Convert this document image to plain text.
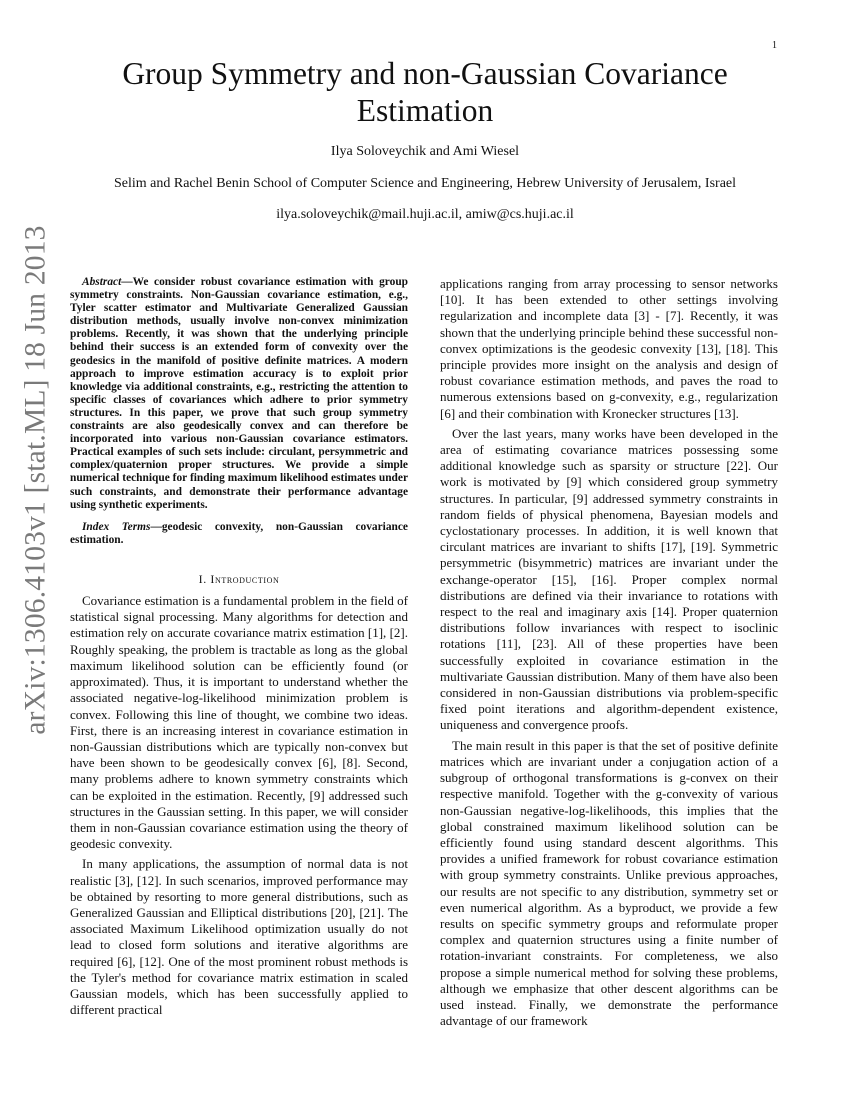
1
arXiv:1306.4103v1 [stat.ML] 18 Jun 2013
Group Symmetry and non-Gaussian Covariance Estimation
Ilya Soloveychik and Ami Wiesel
Selim and Rachel Benin School of Computer Science and Engineering, Hebrew University of Jerusalem, Israel
ilya.soloveychik@mail.huji.ac.il, amiw@cs.huji.ac.il

Abstract—We consider robust covariance estimation with group symmetry constraints. Non-Gaussian covariance estimation, e.g., Tyler scatter estimator and Multivariate Generalized Gaussian distribution methods, usually involve non-convex minimization problems. Recently, it was shown that the underlying principle behind their success is an extended form of convexity over the geodesics in the manifold of positive definite matrices. A modern approach to improve estimation accuracy is to exploit prior knowledge via additional constraints, e.g., restricting the attention to specific classes of covariances which adhere to prior symmetry structures. In this paper, we prove that such group symmetry constraints are also geodesically convex and can therefore be incorporated into various non-Gaussian covariance estimators. Practical examples of such sets include: circulant, persymmetric and complex/quaternion proper structures. We provide a simple numerical technique for finding maximum likelihood estimates under such constraints, and demonstrate their performance advantage using synthetic experiments.

Index Terms—geodesic convexity, non-Gaussian covariance estimation.

I. Introduction

Covariance estimation is a fundamental problem in the field of statistical signal processing. Many algorithms for detection and estimation rely on accurate covariance matrix estimation [1], [2]. Roughly speaking, the problem is tractable as long as the global maximum likelihood solution can be efficiently found (or approximated). Thus, it is important to understand whether the associated negative-log-likelihood minimization problem is convex. Following this line of thought, we combine two ideas. First, there is an increasing interest in covariance estimation in non-Gaussian distributions which are typically non-convex but have been shown to be geodesically convex [6], [8]. Second, many problems adhere to known symmetry constraints which can be exploited in the estimation. Recently, [9] addressed such structures in the Gaussian setting. In this paper, we will consider them in non-Gaussian covariance estimation using the theory of geodesic convexity.

In many applications, the assumption of normal data is not realistic [3], [12]. In such scenarios, improved performance may be obtained by resorting to more general distributions, such as Generalized Gaussian and Elliptical distributions [20], [21]. The associated Maximum Likelihood optimization usually do not lead to closed form solutions and iterative algorithms are required [6], [12]. One of the most prominent robust methods is the Tyler's method for covariance matrix estimation in scaled Gaussian models, which has been successfully applied to different practical

applications ranging from array processing to sensor networks [10]. It has been extended to other settings involving regularization and incomplete data [3] - [7]. Recently, it was shown that the underlying principle behind these successful non-convex optimizations is the geodesic convexity [13], [18]. This principle provides more insight on the analysis and design of robust covariance estimation methods, and paves the road to numerous extensions based on g-convexity, e.g., regularization [6] and their combination with Kronecker structures [13].

Over the last years, many works have been developed in the area of estimating covariance matrices possessing some additional knowledge such as sparsity or structure [22]. Our work is motivated by [9] which considered group symmetry structures. In particular, [9] addressed symmetry constraints in random fields of physical phenomena, Bayesian models and cyclostationary processes. In addition, it is well known that circulant matrices are invariant to shifts [17], [19]. Symmetric persymmetric (bisymmetric) matrices are invariant under the exchange-operator [15], [16]. Proper complex normal distributions are defined via their invariance to rotations with respect to the real and imaginary axis [14]. Proper quaternion distributions follow invariances with respect to isoclinic rotations [11], [23]. All of these properties have been successfully exploited in covariance estimation in the multivariate Gaussian distribution. Many of them have also been considered in non-Gaussian distributions via problem-specific fixed point iterations and algorithm-dependent existence, uniqueness and convergence proofs.

The main result in this paper is that the set of positive definite matrices which are invariant under a conjugation action of a subgroup of orthogonal transformations is g-convex on their respective manifold. Together with the g-convexity of various non-Gaussian negative-log-likelihoods, this implies that the global constrained maximum likelihood solution can be efficiently found using standard descent algorithms. This provides a unified framework for robust covariance estimation with group symmetry constraints. Unlike previous approaches, our results are not specific to any distribution, symmetry set or even numerical algorithm. As a byproduct, we provide a few results on specific symmetry groups and reformulate proper complex and quaternion structures using a finite number of rotation-invariant constraints. For completeness, we also propose a simple numerical method for solving these problems, although we emphasize that other descent algorithms can be used instead. Finally, we demonstrate the performance advantage of our framework
